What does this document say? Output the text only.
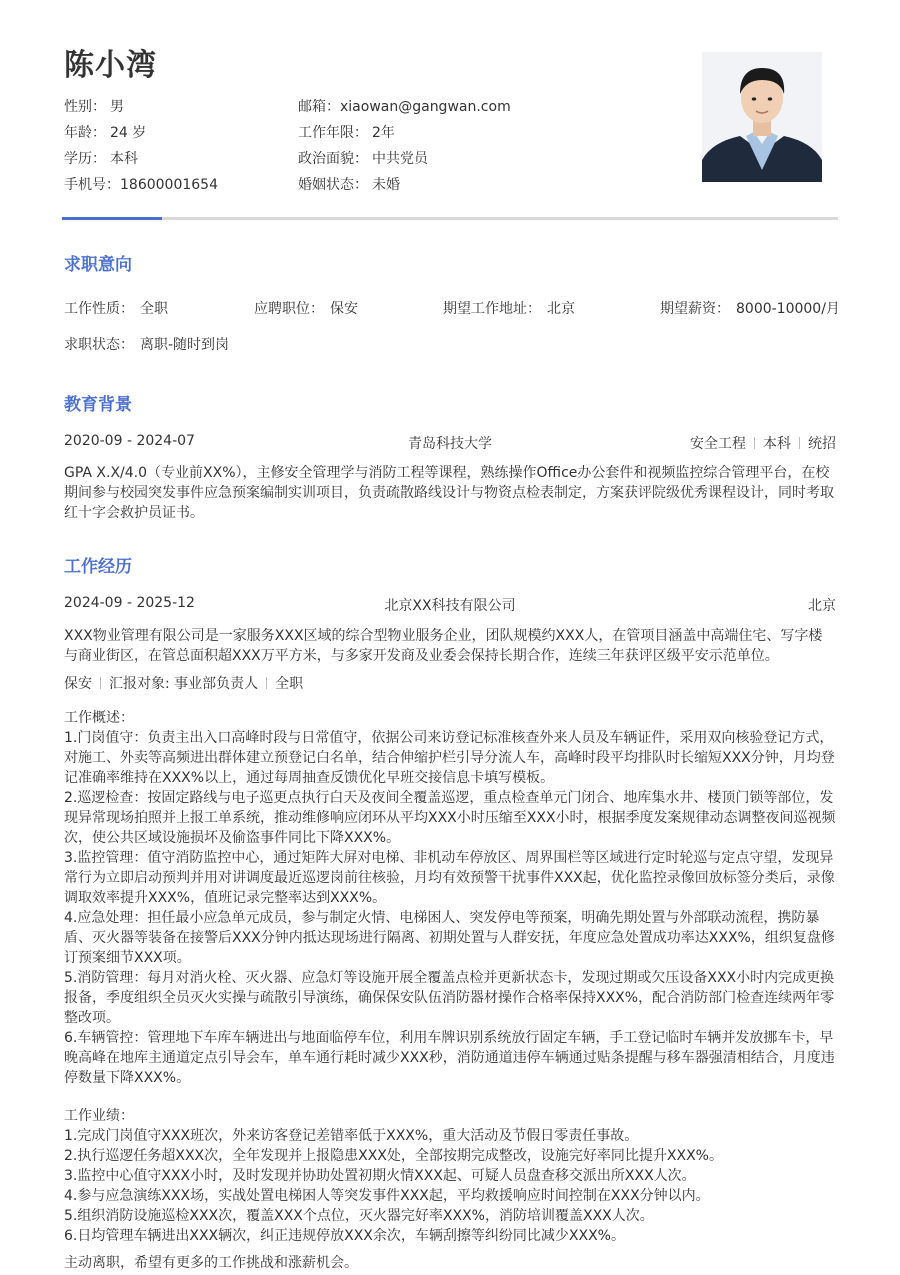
陈小湾
性别： 男
年龄： 24 岁
学历： 本科
手机号：18600001654
邮箱：xiaowan@gangwan.com
工作年限： 2年
政治面貌： 中共党员
婚姻状态： 未婚
求职意向
工作性质： 全职	应聘职位： 保安	期望工作地址： 北京	期望薪资： 8000-10000/月
求职状态： 离职-随时到岗
教育背景
2020-09 - 2024-07	青岛科技大学	安全工程 本科 统招
GPA X.X/4.0（专业前XX%），主修安全管理学与消防工程等课程，熟练操作Office办公套件和视频监控综合管理平台，在校期间参与校园突发事件应急预案编制实训项目，负责疏散路线设计与物资点检表制定，方案获评院级优秀课程设计，同时考取红十字会救护员证书。
工作经历
2024-09 - 2025-12	北京XX科技有限公司	北京
XXX物业管理有限公司是一家服务XXX区域的综合型物业服务企业，团队规模约XXX人，在管项目涵盖中高端住宅、写字楼与商业街区，在管总面积超XXX万平方米，与多家开发商及业委会保持长期合作，连续三年获评区级平安示范单位。
保安 汇报对象: 事业部负责人 全职
工作概述：
1.门岗值守：负责主出入口高峰时段与日常值守，依据公司来访登记标准核查外来人员及车辆证件，采用双向核验登记方式，对施工、外卖等高频进出群体建立预登记白名单，结合伸缩护栏引导分流人车，高峰时段平均排队时长缩短XXX分钟，月均登记准确率维持在XXX%以上，通过每周抽查反馈优化早班交接信息卡填写模板。
2.巡逻检查：按固定路线与电子巡更点执行白天及夜间全覆盖巡逻，重点检查单元门闭合、地库集水井、楼顶门锁等部位，发现异常现场拍照并上报工单系统，推动维修响应闭环从平均XXX小时压缩至XXX小时，根据季度发案规律动态调整夜间巡视频次，使公共区域设施损坏及偷盗事件同比下降XXX%。
3.监控管理：值守消防监控中心，通过矩阵大屏对电梯、非机动车停放区、周界围栏等区域进行定时轮巡与定点守望，发现异常行为立即启动预判并用对讲调度最近巡逻岗前往核验，月均有效预警干扰事件XXX起，优化监控录像回放标签分类后，录像调取效率提升XXX%，值班记录完整率达到XXX%。
4.应急处理：担任最小应急单元成员，参与制定火情、电梯困人、突发停电等预案，明确先期处置与外部联动流程，携防暴盾、灭火器等装备在接警后XXX分钟内抵达现场进行隔离、初期处置与人群安抚，年度应急处置成功率达XXX%，组织复盘修订预案细节XXX项。
5.消防管理：每月对消火栓、灭火器、应急灯等设施开展全覆盖点检并更新状态卡，发现过期或欠压设备XXX小时内完成更换报备，季度组织全员灭火实操与疏散引导演练，确保保安队伍消防器材操作合格率保持XXX%，配合消防部门检查连续两年零整改项。
6.车辆管控：管理地下车库车辆进出与地面临停车位，利用车牌识别系统放行固定车辆，手工登记临时车辆并发放挪车卡，早晚高峰在地库主通道定点引导会车，单车通行耗时减少XXX秒，消防通道违停车辆通过贴条提醒与移车器强清相结合，月度违停数量下降XXX%。
工作业绩：
1.完成门岗值守XXX班次，外来访客登记差错率低于XXX%，重大活动及节假日零责任事故。
2.执行巡逻任务超XXX次，全年发现并上报隐患XXX处，全部按期完成整改，设施完好率同比提升XXX%。
3.监控中心值守XXX小时，及时发现并协助处置初期火情XXX起、可疑人员盘查移交派出所XXX人次。
4.参与应急演练XXX场，实战处置电梯困人等突发事件XXX起，平均救援响应时间控制在XXX分钟以内。
5.组织消防设施巡检XXX次，覆盖XXX个点位，灭火器完好率XXX%，消防培训覆盖XXX人次。
6.日均管理车辆进出XXX辆次，纠正违规停放XXX余次，车辆刮擦等纠纷同比减少XXX%。
主动离职，希望有更多的工作挑战和涨薪机会。
